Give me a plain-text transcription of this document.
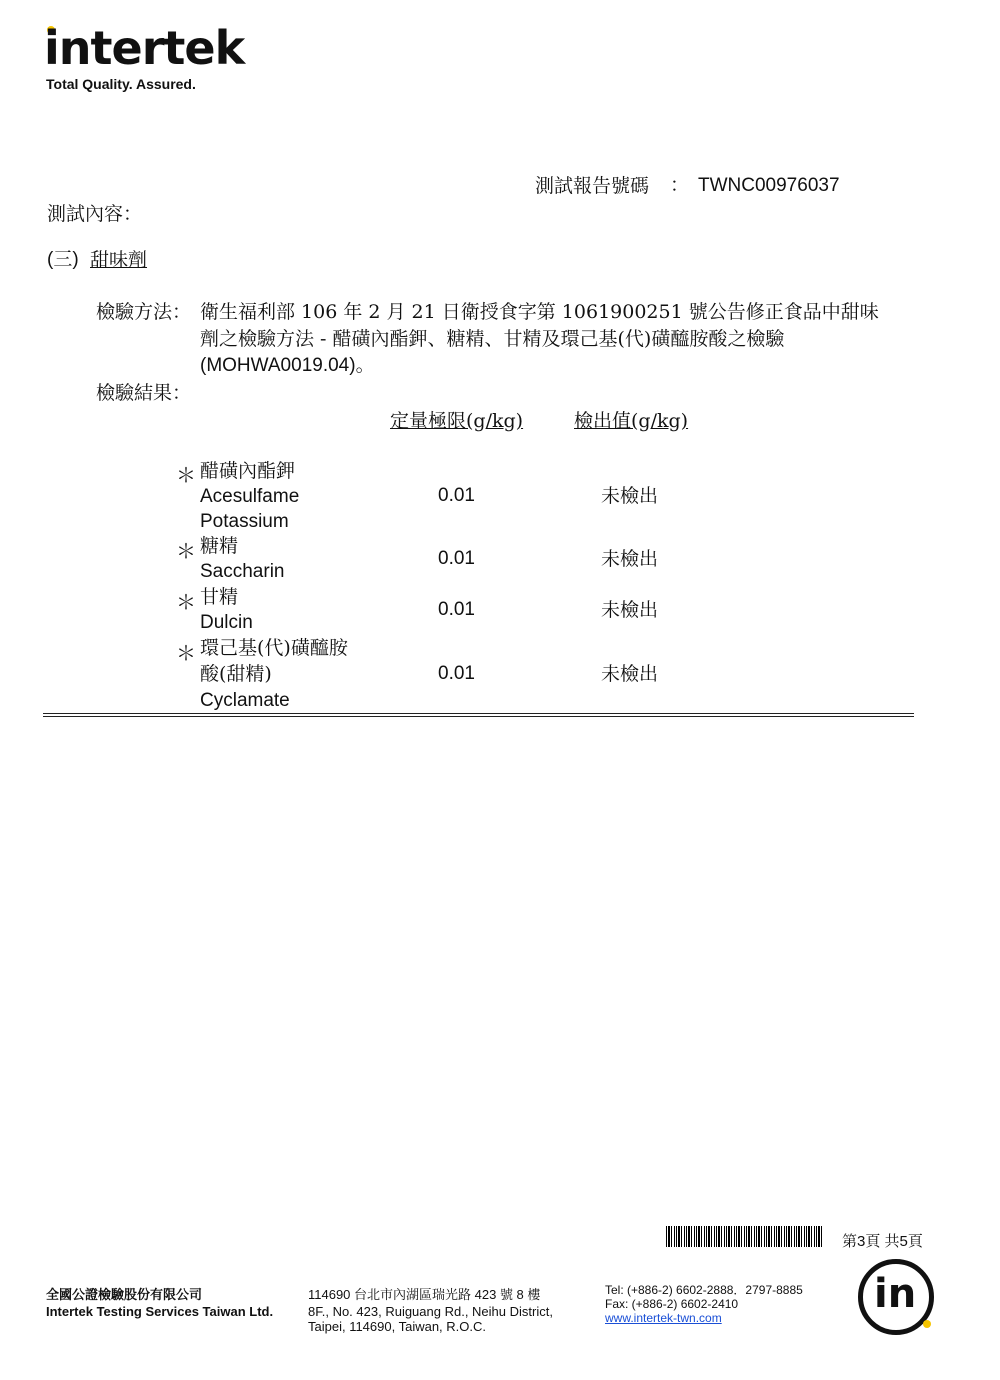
intertek
Total Quality. Assured.
測試報告號碼 ： TWNC00976037
測試內容：
(三) 甜味劑
檢驗方法： 衛生福利部 106 年 2 月 21 日衛授食字第 1061900251 號公告修正食品中甜味
劑之檢驗方法 - 醋磺內酯鉀、糖精、甘精及環己基(代)磺醯胺酸之檢驗
(MOHWA0019.04)。
檢驗結果：
定量極限(g/kg)	檢出值(g/kg)
＊ 醋磺內酯鉀
Acesulfame
Potassium
0.01	未檢出
＊ 糖精
Saccharin
0.01	未檢出
＊ 甘精
Dulcin
0.01	未檢出
＊ 環己基(代)磺醯胺
酸(甜精)
Cyclamate
0.01	未檢出
第3頁 共5頁
全國公證檢驗股份有限公司
Intertek Testing Services Taiwan Ltd.
114690 台北市內湖區瑞光路 423 號 8 樓
8F., No. 423, Ruiguang Rd., Neihu District,
Taipei, 114690, Taiwan, R.O.C.
Tel: (+886-2) 6602-2888．2797-8885
Fax: (+886-2) 6602-2410
www.intertek-twn.com
in
